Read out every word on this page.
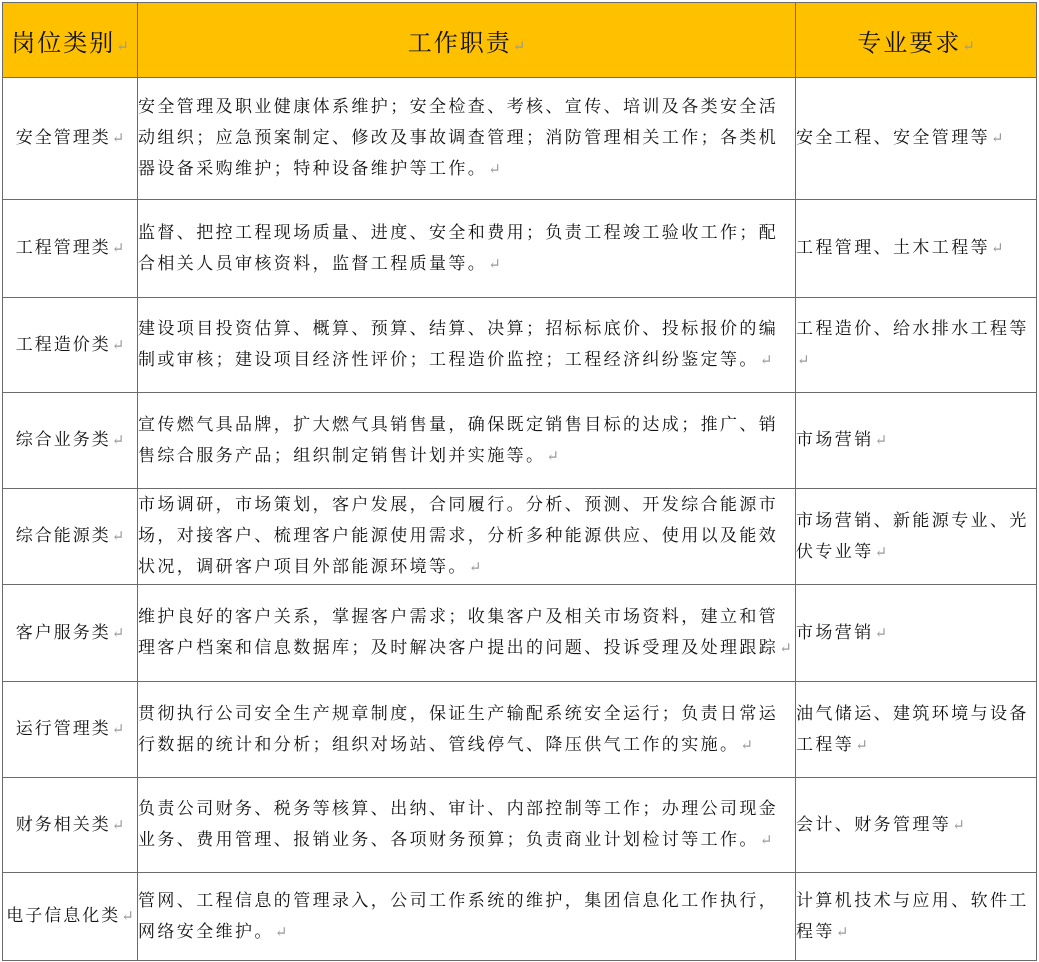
岗位类别↵	工作职责↵	专业要求↵
安全管理类↵	安全管理及职业健康体系维护；安全检查、考核、宣传、培训及各类安全活动组织；应急预案制定、修改及事故调查管理；消防管理相关工作；各类机器设备采购维护；特种设备维护等工作。↵	安全工程、安全管理等↵
工程管理类↵	监督、把控工程现场质量、进度、安全和费用；负责工程竣工验收工作；配合相关人员审核资料，监督工程质量等。↵	工程管理、土木工程等↵
工程造价类↵	建设项目投资估算、概算、预算、结算、决算；招标标底价、投标报价的编制或审核；建设项目经济性评价；工程造价监控；工程经济纠纷鉴定等。↵	工程造价、给水排水工程等↵
综合业务类↵	宣传燃气具品牌，扩大燃气具销售量，确保既定销售目标的达成；推广、销售综合服务产品；组织制定销售计划并实施等。↵	市场营销↵
综合能源类↵	市场调研，市场策划，客户发展，合同履行。分析、预测、开发综合能源市场，对接客户、梳理客户能源使用需求，分析多种能源供应、使用以及能效状况，调研客户项目外部能源环境等。↵	市场营销、新能源专业、光伏专业等↵
客户服务类↵	维护良好的客户关系，掌握客户需求；收集客户及相关市场资料，建立和管理客户档案和信息数据库；及时解决客户提出的问题、投诉受理及处理跟踪↵	市场营销↵
运行管理类↵	贯彻执行公司安全生产规章制度，保证生产输配系统安全运行；负责日常运行数据的统计和分析；组织对场站、管线停气、降压供气工作的实施。↵	油气储运、建筑环境与设备工程等↵
财务相关类↵	负责公司财务、税务等核算、出纳、审计、内部控制等工作；办理公司现金业务、费用管理、报销业务、各项财务预算；负责商业计划检讨等工作。↵	会计、财务管理等↵
电子信息化类↵	管网、工程信息的管理录入，公司工作系统的维护，集团信息化工作执行，网络安全维护。↵	计算机技术与应用、软件工程等↵
